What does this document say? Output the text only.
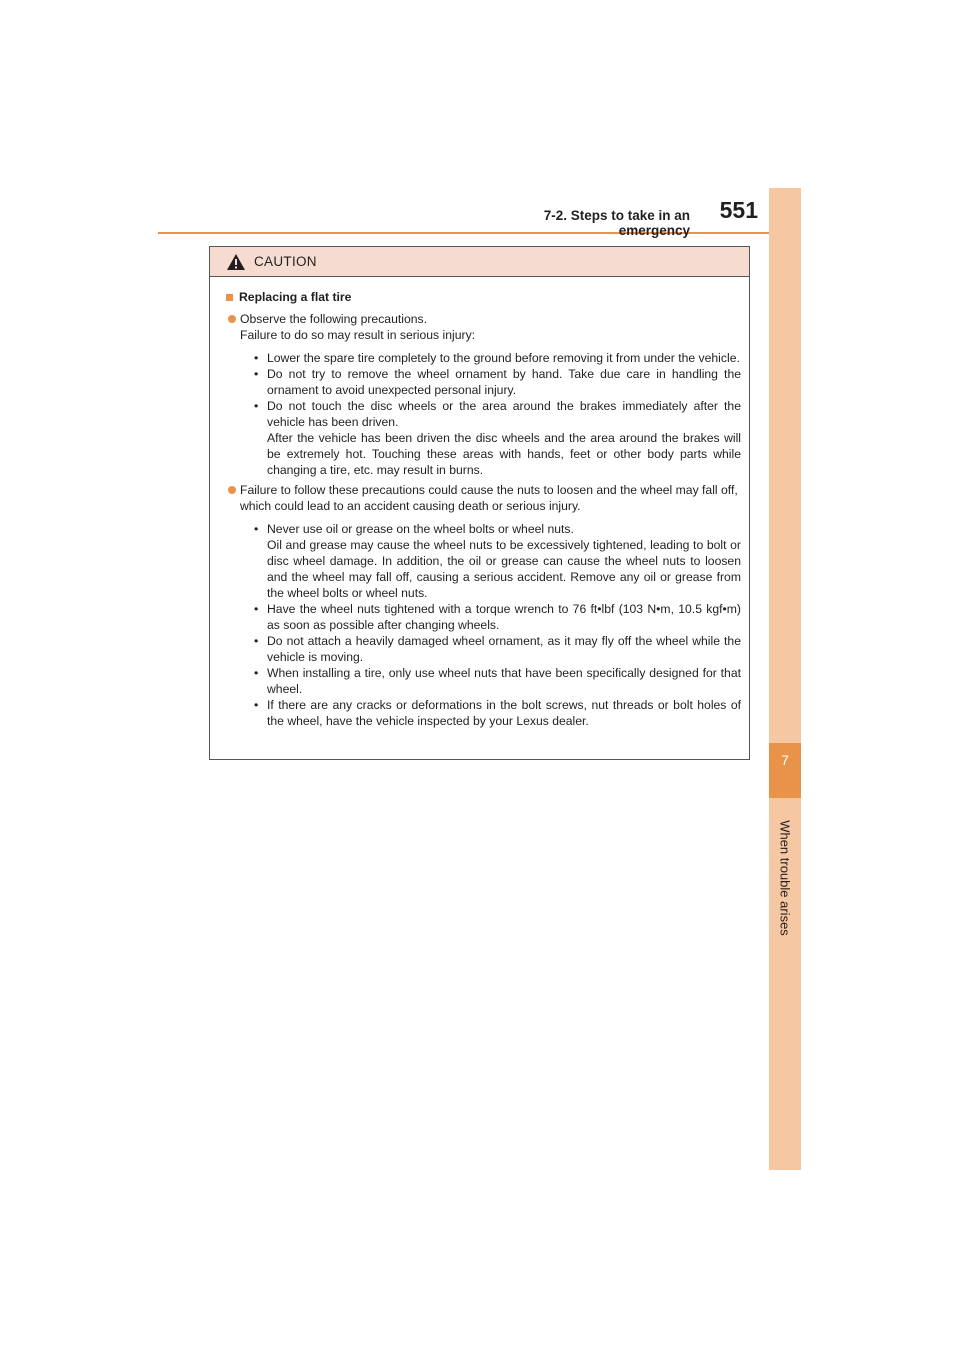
7-2. Steps to take in an emergency
551
7
When trouble arises
CAUTION
Replacing a flat tire
Observe the following precautions.
Failure to do so may result in serious injury:
• Lower the spare tire completely to the ground before removing it from under the vehicle.
• Do not try to remove the wheel ornament by hand. Take due care in handling the ornament to avoid unexpected personal injury.
• Do not touch the disc wheels or the area around the brakes immediately after the vehicle has been driven.
After the vehicle has been driven the disc wheels and the area around the brakes will be extremely hot. Touching these areas with hands, feet or other body parts while changing a tire, etc. may result in burns.
Failure to follow these precautions could cause the nuts to loosen and the wheel may fall off, which could lead to an accident causing death or serious injury.
• Never use oil or grease on the wheel bolts or wheel nuts.
Oil and grease may cause the wheel nuts to be excessively tightened, leading to bolt or disc wheel damage. In addition, the oil or grease can cause the wheel nuts to loosen and the wheel may fall off, causing a serious accident. Remove any oil or grease from the wheel bolts or wheel nuts.
• Have the wheel nuts tightened with a torque wrench to 76 ft•lbf (103 N•m, 10.5 kgf•m) as soon as possible after changing wheels.
• Do not attach a heavily damaged wheel ornament, as it may fly off the wheel while the vehicle is moving.
• When installing a tire, only use wheel nuts that have been specifically designed for that wheel.
• If there are any cracks or deformations in the bolt screws, nut threads or bolt holes of the wheel, have the vehicle inspected by your Lexus dealer.
